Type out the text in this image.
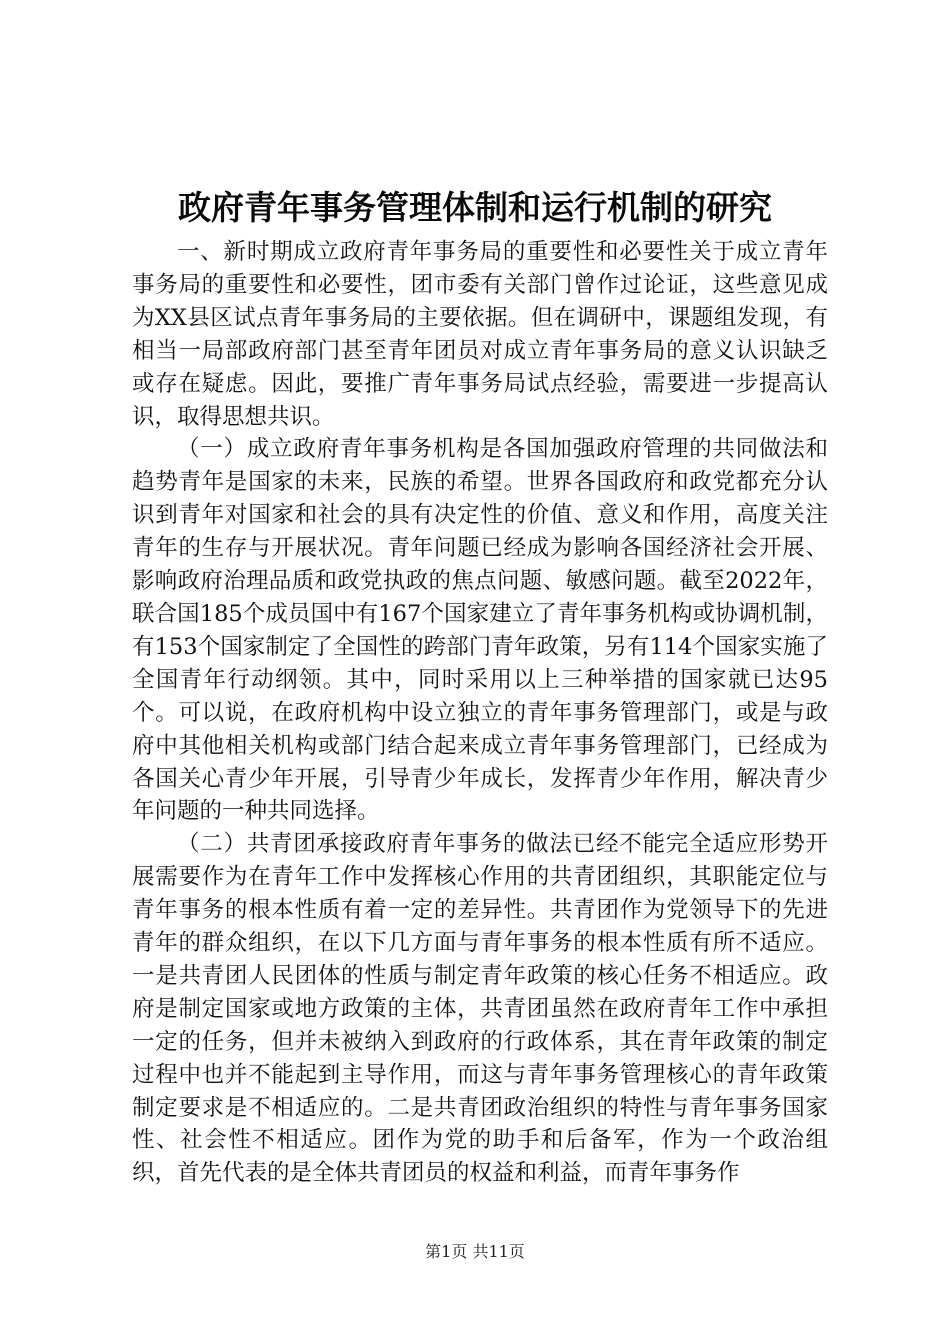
政府青年事务管理体制和运行机制的研究

一、新时期成立政府青年事务局的重要性和必要性关于成立青年事务局的重要性和必要性，团市委有关部门曾作过论证，这些意见成为XX县区试点青年事务局的主要依据。但在调研中，课题组发现，有相当一局部政府部门甚至青年团员对成立青年事务局的意义认识缺乏或存在疑虑。因此，要推广青年事务局试点经验，需要进一步提高认识，取得思想共识。

（一）成立政府青年事务机构是各国加强政府管理的共同做法和趋势青年是国家的未来，民族的希望。世界各国政府和政党都充分认识到青年对国家和社会的具有决定性的价值、意义和作用，高度关注青年的生存与开展状况。青年问题已经成为影响各国经济社会开展、影响政府治理品质和政党执政的焦点问题、敏感问题。截至2022年，联合国185个成员国中有167个国家建立了青年事务机构或协调机制，有153个国家制定了全国性的跨部门青年政策，另有114个国家实施了全国青年行动纲领。其中，同时采用以上三种举措的国家就已达95个。可以说，在政府机构中设立独立的青年事务管理部门，或是与政府中其他相关机构或部门结合起来成立青年事务管理部门，已经成为各国关心青少年开展，引导青少年成长，发挥青少年作用，解决青少年问题的一种共同选择。

（二）共青团承接政府青年事务的做法已经不能完全适应形势开展需要作为在青年工作中发挥核心作用的共青团组织，其职能定位与青年事务的根本性质有着一定的差异性。共青团作为党领导下的先进青年的群众组织，在以下几方面与青年事务的根本性质有所不适应。一是共青团人民团体的性质与制定青年政策的核心任务不相适应。政府是制定国家或地方政策的主体，共青团虽然在政府青年工作中承担一定的任务，但并未被纳入到政府的行政体系，其在青年政策的制定过程中也并不能起到主导作用，而这与青年事务管理核心的青年政策制定要求是不相适应的。二是共青团政治组织的特性与青年事务国家性、社会性不相适应。团作为党的助手和后备军，作为一个政治组织，首先代表的是全体共青团员的权益和利益，而青年事务作

第1页 共11页
